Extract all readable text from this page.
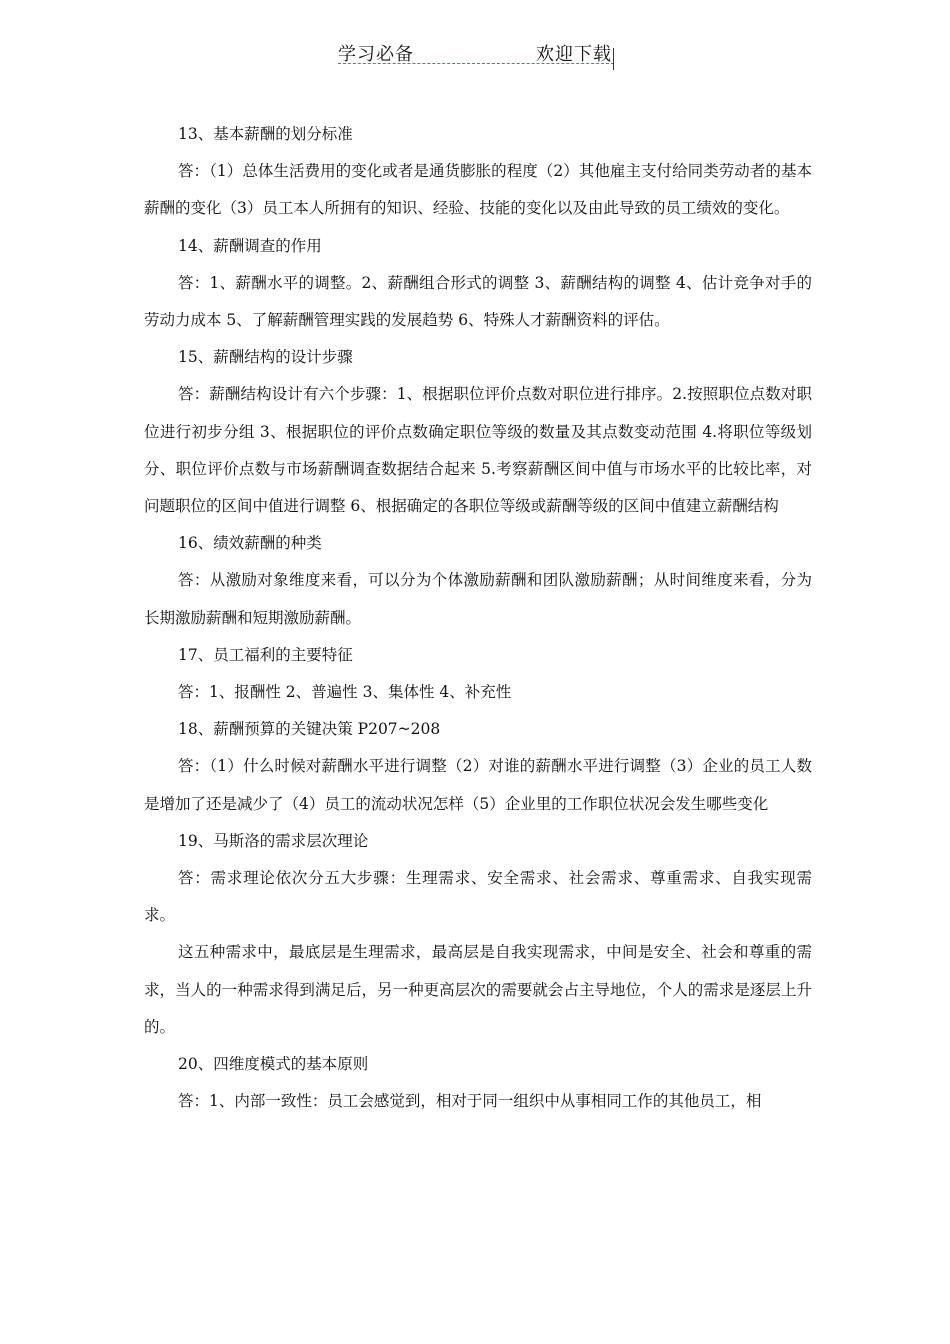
学习必备	欢迎下载

13、基本薪酬的划分标准

答：（1）总体生活费用的变化或者是通货膨胀的程度（2）其他雇主支付给同类劳动者的基本薪酬的变化（3）员工本人所拥有的知识、经验、技能的变化以及由此导致的员工绩效的变化。

14、薪酬调查的作用

答：1、薪酬水平的调整。2、薪酬组合形式的调整 3、薪酬结构的调整 4、估计竞争对手的劳动力成本 5、了解薪酬管理实践的发展趋势 6、特殊人才薪酬资料的评估。

15、薪酬结构的设计步骤

答：薪酬结构设计有六个步骤：1、根据职位评价点数对职位进行排序。2.按照职位点数对职位进行初步分组 3、根据职位的评价点数确定职位等级的数量及其点数变动范围 4.将职位等级划分、职位评价点数与市场薪酬调查数据结合起来 5.考察薪酬区间中值与市场水平的比较比率，对问题职位的区间中值进行调整 6、根据确定的各职位等级或薪酬等级的区间中值建立薪酬结构

16、绩效薪酬的种类

答：从激励对象维度来看，可以分为个体激励薪酬和团队激励薪酬；从时间维度来看，分为长期激励薪酬和短期激励薪酬。

17、员工福利的主要特征

答：1、报酬性 2、普遍性 3、集体性 4、补充性

18、薪酬预算的关键决策 P207~208

答：（1）什么时候对薪酬水平进行调整（2）对谁的薪酬水平进行调整（3）企业的员工人数是增加了还是减少了（4）员工的流动状况怎样（5）企业里的工作职位状况会发生哪些变化

19、马斯洛的需求层次理论

答：需求理论依次分五大步骤：生理需求、安全需求、社会需求、尊重需求、自我实现需求。

这五种需求中，最底层是生理需求，最高层是自我实现需求，中间是安全、社会和尊重的需求，当人的一种需求得到满足后，另一种更高层次的需要就会占主导地位，个人的需求是逐层上升的。

20、四维度模式的基本原则

答：1、内部一致性：员工会感觉到，相对于同一组织中从事相同工作的其他员工，相
